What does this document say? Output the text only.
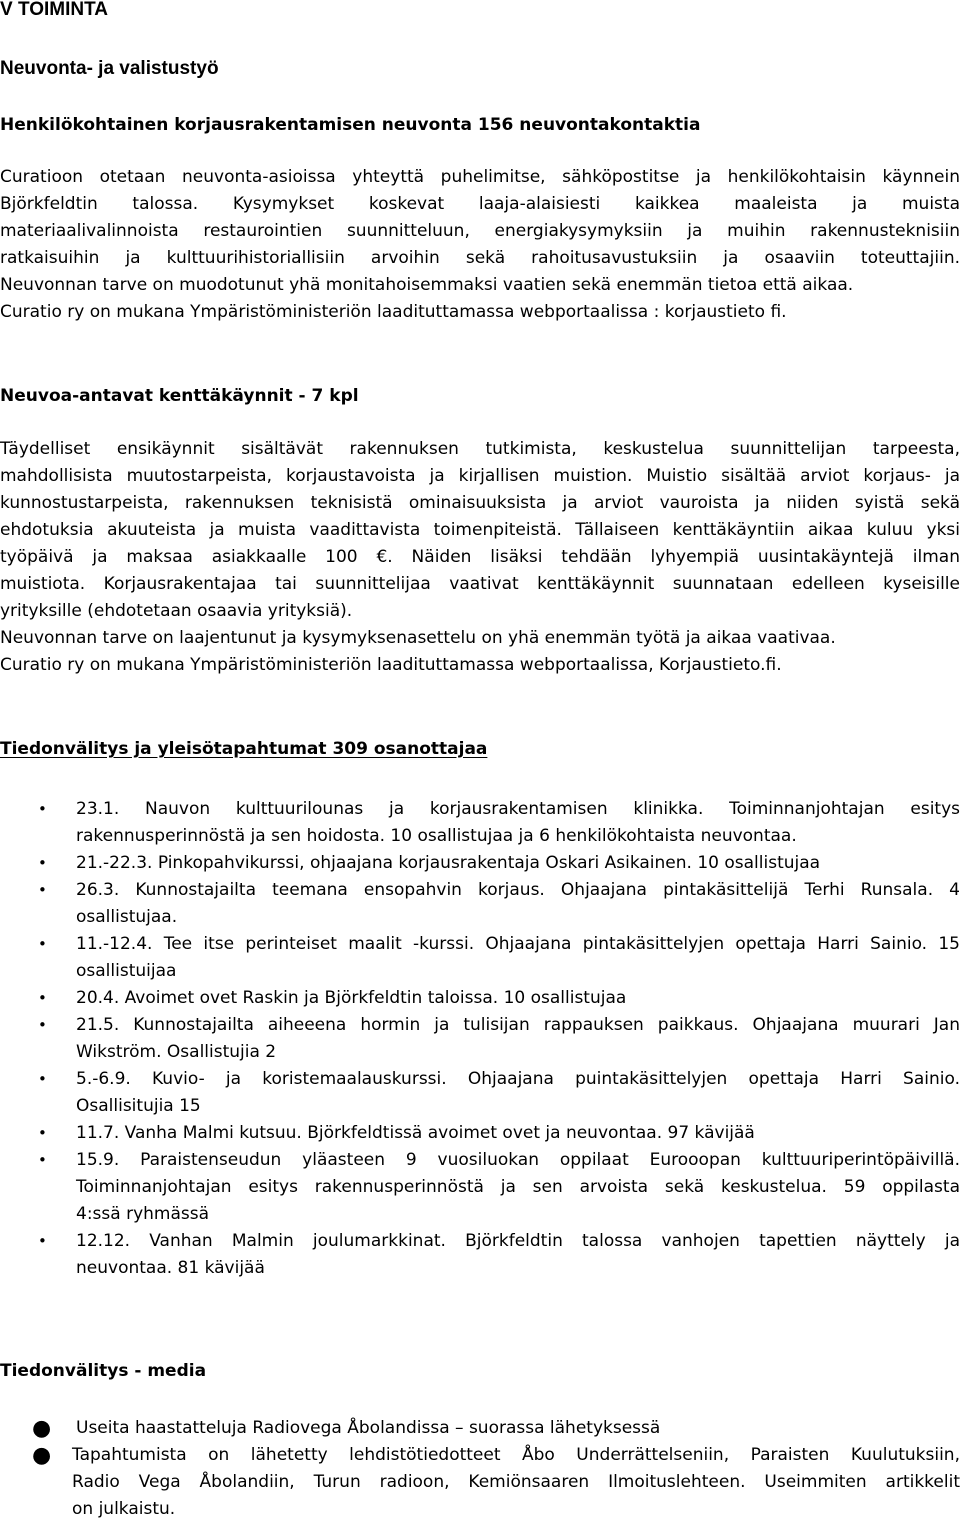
V TOIMINTA
Neuvonta- ja valistustyö
Henkilökohtainen korjausrakentamisen neuvonta 156 neuvontakontaktia
Curatioon otetaan neuvonta-asioissa yhteyttä puhelimitse, sähköpostitse ja henkilökohtaisin käynnein
Björkfeldtin talossa. Kysymykset koskevat laaja-alaisiesti kaikkea maaleista ja muista
materiaalivalinnoista restaurointien suunnitteluun, energiakysymyksiin ja muihin rakennusteknisiin
ratkaisuihin ja kulttuurihistoriallisiin arvoihin sekä rahoitusavustuksiin ja osaaviin toteuttajiin.
Neuvonnan tarve on muodotunut yhä monitahoisemmaksi vaatien sekä enemmän tietoa että aikaa.
Curatio ry on mukana Ympäristöministeriön laadituttamassa webportaalissa : korjaustieto fi.
Neuvoa-antavat kenttäkäynnit - 7 kpl
Täydelliset ensikäynnit sisältävät rakennuksen tutkimista, keskustelua suunnittelijan tarpeesta,
mahdollisista muutostarpeista, korjaustavoista ja kirjallisen muistion. Muistio sisältää arviot korjaus- ja
kunnostustarpeista, rakennuksen teknisistä ominaisuuksista ja arviot vauroista ja niiden syistä sekä
ehdotuksia akuuteista ja muista vaadittavista toimenpiteistä. Tällaiseen kenttäkäyntiin aikaa kuluu yksi
työpäivä ja maksaa asiakkaalle 100 €. Näiden lisäksi tehdään lyhyempiä uusintakäyntejä ilman
muistiota. Korjausrakentajaa tai suunnittelijaa vaativat kenttäkäynnit suunnataan edelleen kyseisille
yrityksille (ehdotetaan osaavia yrityksiä).
Neuvonnan tarve on laajentunut ja kysymyksenasettelu on yhä enemmän työtä ja aikaa vaativaa.
Curatio ry on mukana Ympäristöministeriön laadituttamassa webportaalissa, Korjaustieto.fi.
Tiedonvälitys ja yleisötapahtumat 309 osanottajaa
• 23.1. Nauvon kulttuurilounas ja korjausrakentamisen klinikka. Toiminnanjohtajan esitys
rakennusperinnöstä ja sen hoidosta. 10 osallistujaa ja 6 henkilökohtaista neuvontaa.
• 21.-22.3. Pinkopahvikurssi, ohjaajana korjausrakentaja Oskari Asikainen. 10 osallistujaa
• 26.3. Kunnostajailta teemana ensopahvin korjaus. Ohjaajana pintakäsittelijä Terhi Runsala. 4
osallistujaa.
• 11.-12.4. Tee itse perinteiset maalit -kurssi. Ohjaajana pintakäsittelyjen opettaja Harri Sainio. 15
osallistuijaa
• 20.4. Avoimet ovet Raskin ja Björkfeldtin taloissa. 10 osallistujaa
• 21.5. Kunnostajailta aiheeena hormin ja tulisijan rappauksen paikkaus. Ohjaajana muurari Jan
Wikström. Osallistujia 2
• 5.-6.9. Kuvio- ja koristemaalauskurssi. Ohjaajana puintakäsittelyjen opettaja Harri Sainio.
Osallisitujia 15
• 11.7. Vanha Malmi kutsuu. Björkfeldtissä avoimet ovet ja neuvontaa. 97 kävijää
• 15.9. Paraistenseudun yläasteen 9 vuosiluokan oppilaat Eurooopan kulttuuriperintöpäivillä.
Toiminnanjohtajan esitys rakennusperinnöstä ja sen arvoista sekä keskustelua. 59 oppilasta
4:ssä ryhmässä
• 12.12. Vanhan Malmin joulumarkkinat. Björkfeldtin talossa vanhojen tapettien näyttely ja
neuvontaa. 81 kävijää
Tiedonvälitys - media
● Useita haastatteluja Radiovega Åbolandissa – suorassa lähetyksessä
● Tapahtumista on lähetetty lehdistötiedotteet Åbo Underrättelseniin, Paraisten Kuulutuksiin,
Radio Vega Åbolandiin, Turun radioon, Kemiönsaaren Ilmoituslehteen. Useimmiten artikkelit
on julkaistu.
